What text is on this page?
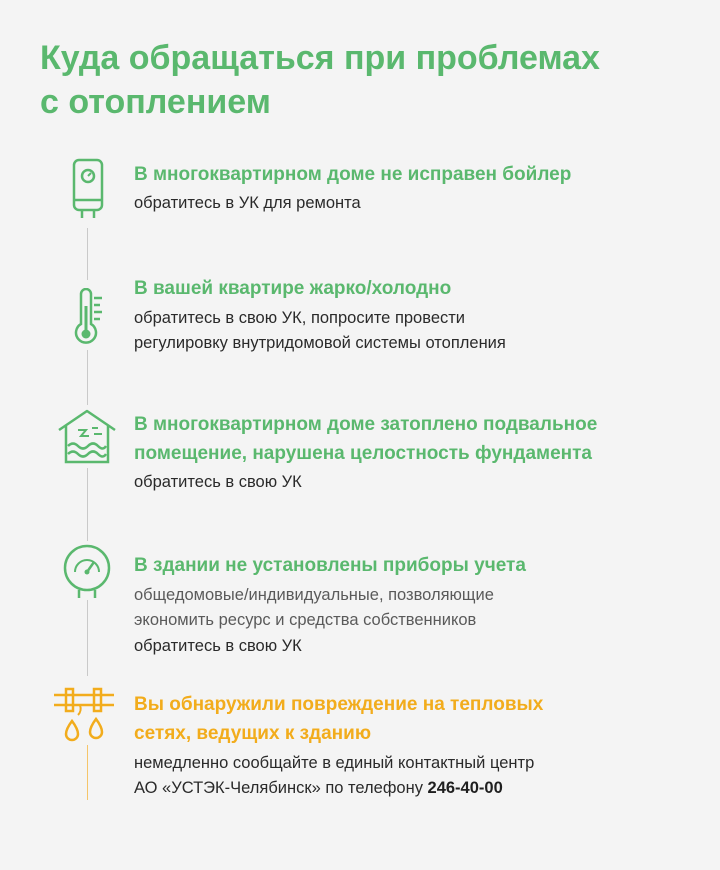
Куда обращаться при проблемах
с отоплением
В многоквартирном доме не исправен бойлер
обратитесь в УК для ремонта
В вашей квартире жарко/холодно
обратитесь в свою УК, попросите провести
регулировку внутридомовой системы отопления
В многоквартирном доме затоплено подвальное
помещение, нарушена целостность фундамента
обратитесь в свою УК
В здании не установлены приборы учета
общедомовые/индивидуальные, позволяющие
экономить ресурс и средства собственников
обратитесь в свою УК
Вы обнаружили повреждение на тепловых
сетях, ведущих к зданию
немедленно сообщайте в единый контактный центр
АО «УСТЭК-Челябинск» по телефону 246-40-00
